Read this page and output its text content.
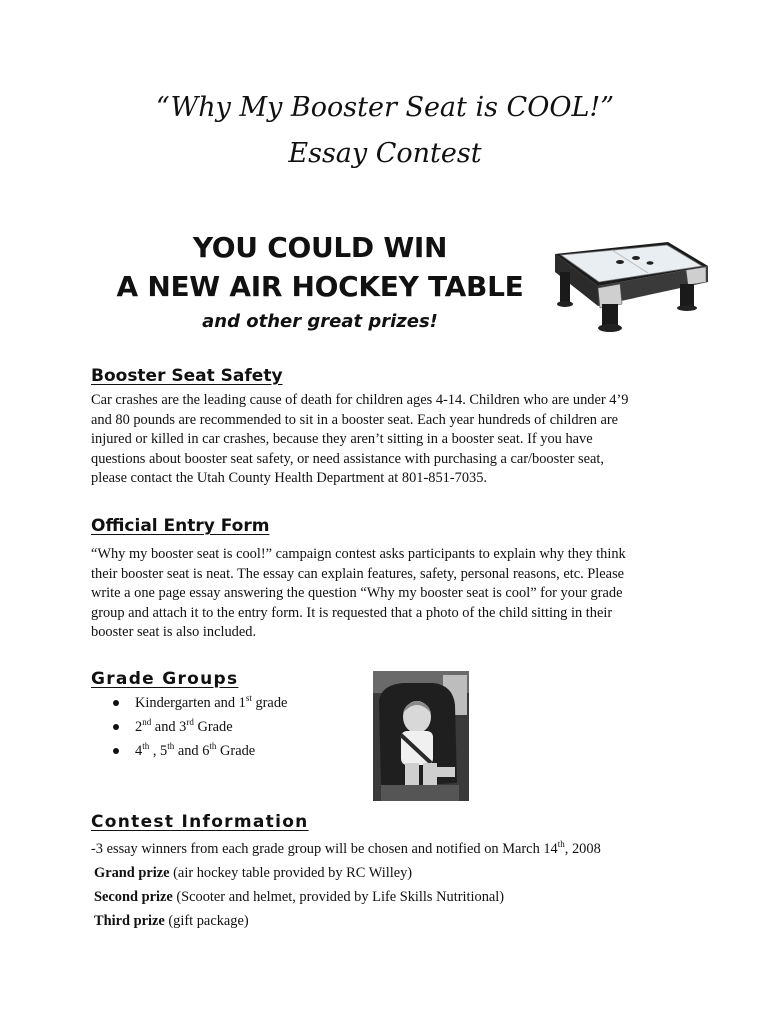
“Why My Booster Seat is COOL!”
Essay Contest
YOU COULD WIN
A NEW AIR HOCKEY TABLE
and other great prizes!
Booster Seat Safety
Car crashes are the leading cause of death for children ages 4-14. Children who are under 4’9
and 80 pounds are recommended to sit in a booster seat. Each year hundreds of children are
injured or killed in car crashes, because they aren’t sitting in a booster seat. If you have
questions about booster seat safety, or need assistance with purchasing a car/booster seat,
please contact the Utah County Health Department at 801-851-7035.
Official Entry Form
“Why my booster seat is cool!” campaign contest asks participants to explain why they think
their booster seat is neat. The essay can explain features, safety, personal reasons, etc. Please
write a one page essay answering the question “Why my booster seat is cool” for your grade
group and attach it to the entry form. It is requested that a photo of the child sitting in their
booster seat is also included.
Grade Groups
Kindergarten and 1st grade
2nd and 3rd Grade
4th , 5th and 6th Grade
Contest Information
-3 essay winners from each grade group will be chosen and notified on March 14th, 2008
Grand prize (air hockey table provided by RC Willey)
Second prize (Scooter and helmet, provided by Life Skills Nutritional)
Third prize (gift package)
